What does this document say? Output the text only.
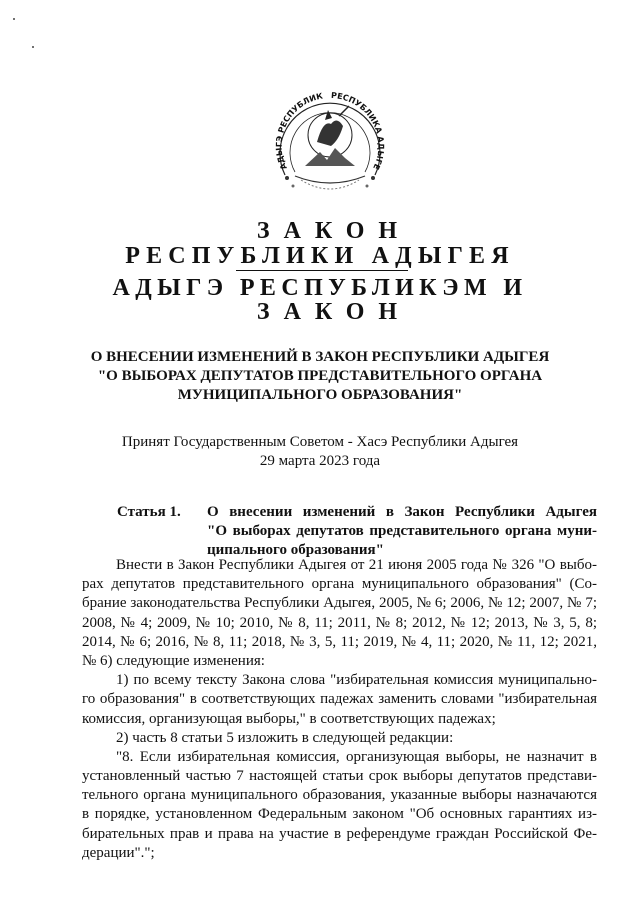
АДЫГЭ РЕСПУБЛИК РЕСПУБЛИКА АДЫГЕ
ЗАКОН
РЕСПУБЛИКИ АДЫГЕЯ
АДЫГЭ РЕСПУБЛИКЭМ И
ЗАКОН
О ВНЕСЕНИИ ИЗМЕНЕНИЙ В ЗАКОН РЕСПУБЛИКИ АДЫГЕЯ
"О ВЫБОРАХ ДЕПУТАТОВ ПРЕДСТАВИТЕЛЬНОГО ОРГАНА
МУНИЦИПАЛЬНОГО ОБРАЗОВАНИЯ"
Принят Государственным Советом - Хасэ Республики Адыгея
29 марта 2023 года
Статья 1. О внесении изменений в Закон Республики Адыгея
"О выборах депутатов представительного органа муни-
ципального образования"
Внести в Закон Республики Адыгея от 21 июня 2005 года № 326 "О выбо-
рах депутатов представительного органа муниципального образования" (Со-
брание законодательства Республики Адыгея, 2005, № 6; 2006, № 12; 2007, № 7;
2008, № 4; 2009, № 10; 2010, № 8, 11; 2011, № 8; 2012, № 12; 2013, № 3, 5, 8;
2014, № 6; 2016, № 8, 11; 2018, № 3, 5, 11; 2019, № 4, 11; 2020, № 11, 12; 2021,
№ 6) следующие изменения:
1) по всему тексту Закона слова "избирательная комиссия муниципально-
го образования" в соответствующих падежах заменить словами "избирательная
комиссия, организующая выборы," в соответствующих падежах;
2) часть 8 статьи 5 изложить в следующей редакции:
"8. Если избирательная комиссия, организующая выборы, не назначит в
установленный частью 7 настоящей статьи срок выборы депутатов представи-
тельного органа муниципального образования, указанные выборы назначаются
в порядке, установленном Федеральным законом "Об основных гарантиях из-
бирательных прав и права на участие в референдуме граждан Российской Фе-
дерации".";
